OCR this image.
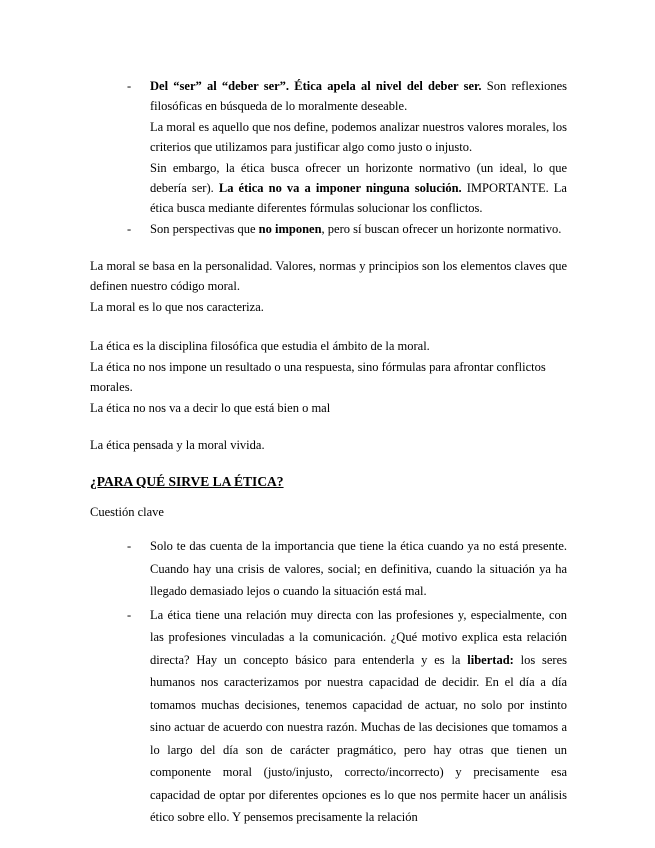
-	Del “ser” al “deber ser”. Ética apela al nivel del deber ser. Son reflexiones filosóficas en búsqueda de lo moralmente deseable.

La moral es aquello que nos define, podemos analizar nuestros valores morales, los criterios que utilizamos para justificar algo como justo o injusto.

Sin embargo, la ética busca ofrecer un horizonte normativo (un ideal, lo que debería ser). La ética no va a imponer ninguna solución. IMPORTANTE. La ética busca mediante diferentes fórmulas solucionar los conflictos.

-	Son perspectivas que no imponen, pero sí buscan ofrecer un horizonte normativo.

La moral se basa en la personalidad. Valores, normas y principios son los elementos claves que definen nuestro código moral.

La moral es lo que nos caracteriza.

La ética es la disciplina filosófica que estudia el ámbito de la moral.

La ética no nos impone un resultado o una respuesta, sino fórmulas para afrontar conflictos morales.

La ética no nos va a decir lo que está bien o mal

La ética pensada y la moral vivida.

¿PARA QUÉ SIRVE LA ÉTICA?

Cuestión clave

-	Solo te das cuenta de la importancia que tiene la ética cuando ya no está presente. Cuando hay una crisis de valores, social; en definitiva, cuando la situación ya ha llegado demasiado lejos o cuando la situación está mal.

-	La ética tiene una relación muy directa con las profesiones y, especialmente, con las profesiones vinculadas a la comunicación. ¿Qué motivo explica esta relación directa? Hay un concepto básico para entenderla y es la libertad: los seres humanos nos caracterizamos por nuestra capacidad de decidir. En el día a día tomamos muchas decisiones, tenemos capacidad de actuar, no solo por instinto sino actuar de acuerdo con nuestra razón. Muchas de las decisiones que tomamos a lo largo del día son de carácter pragmático, pero hay otras que tienen un componente moral (justo/injusto, correcto/incorrecto) y precisamente esa capacidad de optar por diferentes opciones es lo que nos permite hacer un análisis ético sobre ello. Y pensemos precisamente la relación
